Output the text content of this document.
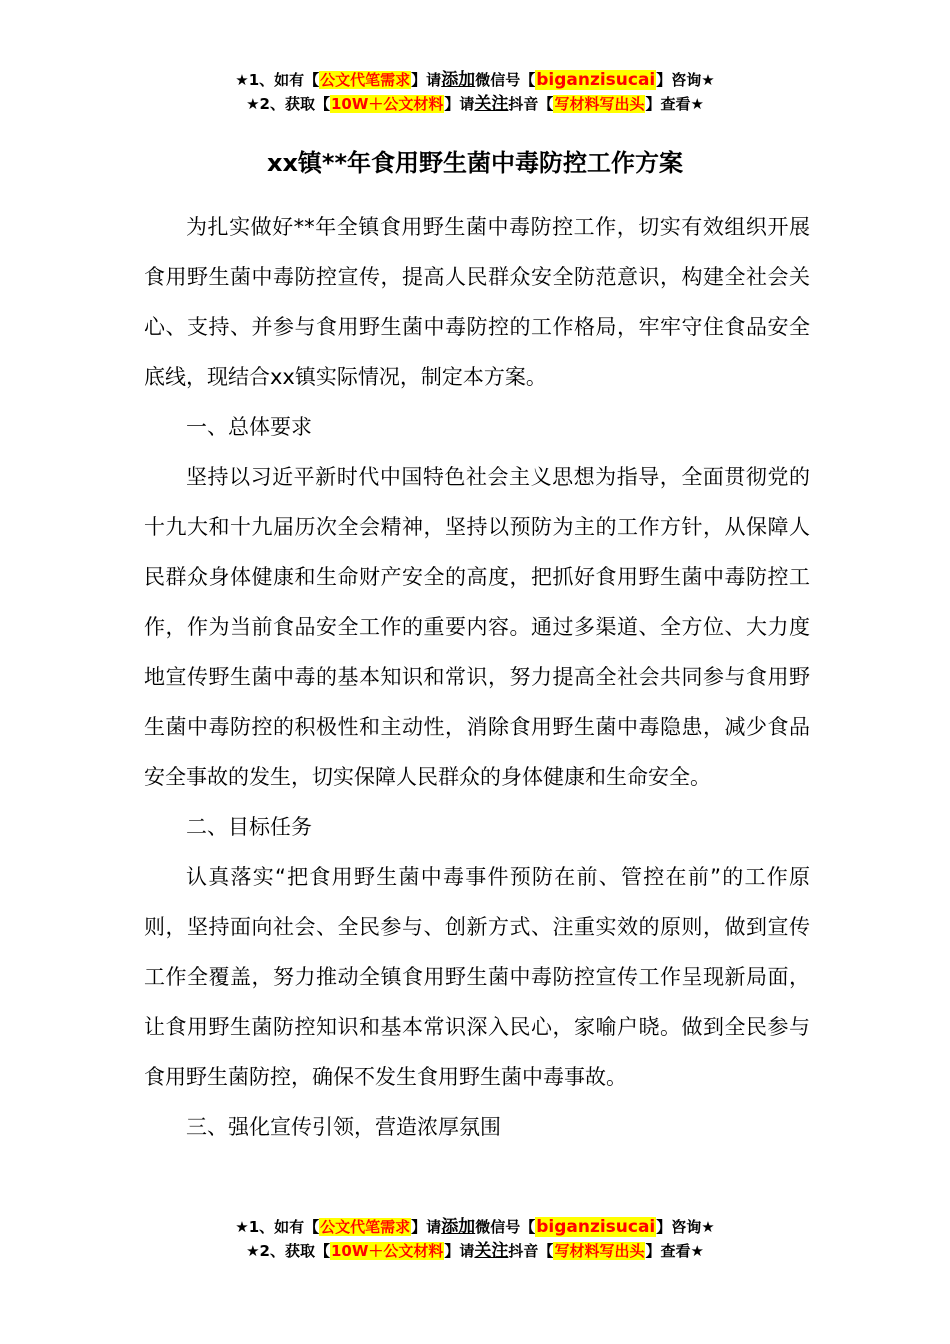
★1、如有【公文代笔需求】请添加微信号【biganzisucai】咨询★
★2、获取【10W＋公文材料】请关注抖音【写材料写出头】查看★
xx镇**年食用野生菌中毒防控工作方案

为扎实做好**年全镇食用野生菌中毒防控工作，切实有效组织开展食用野生菌中毒防控宣传，提高人民群众安全防范意识，构建全社会关心、支持、并参与食用野生菌中毒防控的工作格局，牢牢守住食品安全底线，现结合xx镇实际情况，制定本方案。

一、总体要求

坚持以习近平新时代中国特色社会主义思想为指导，全面贯彻党的十九大和十九届历次全会精神，坚持以预防为主的工作方针，从保障人民群众身体健康和生命财产安全的高度，把抓好食用野生菌中毒防控工作，作为当前食品安全工作的重要内容。通过多渠道、全方位、大力度地宣传野生菌中毒的基本知识和常识，努力提高全社会共同参与食用野生菌中毒防控的积极性和主动性，消除食用野生菌中毒隐患，减少食品安全事故的发生，切实保障人民群众的身体健康和生命安全。

二、目标任务

认真落实“把食用野生菌中毒事件预防在前、管控在前”的工作原则，坚持面向社会、全民参与、创新方式、注重实效的原则，做到宣传工作全覆盖，努力推动全镇食用野生菌中毒防控宣传工作呈现新局面，让食用野生菌防控知识和基本常识深入民心，家喻户晓。做到全民参与食用野生菌防控，确保不发生食用野生菌中毒事故。

三、强化宣传引领，营造浓厚氛围

★1、如有【公文代笔需求】请添加微信号【biganzisucai】咨询★
★2、获取【10W＋公文材料】请关注抖音【写材料写出头】查看★
